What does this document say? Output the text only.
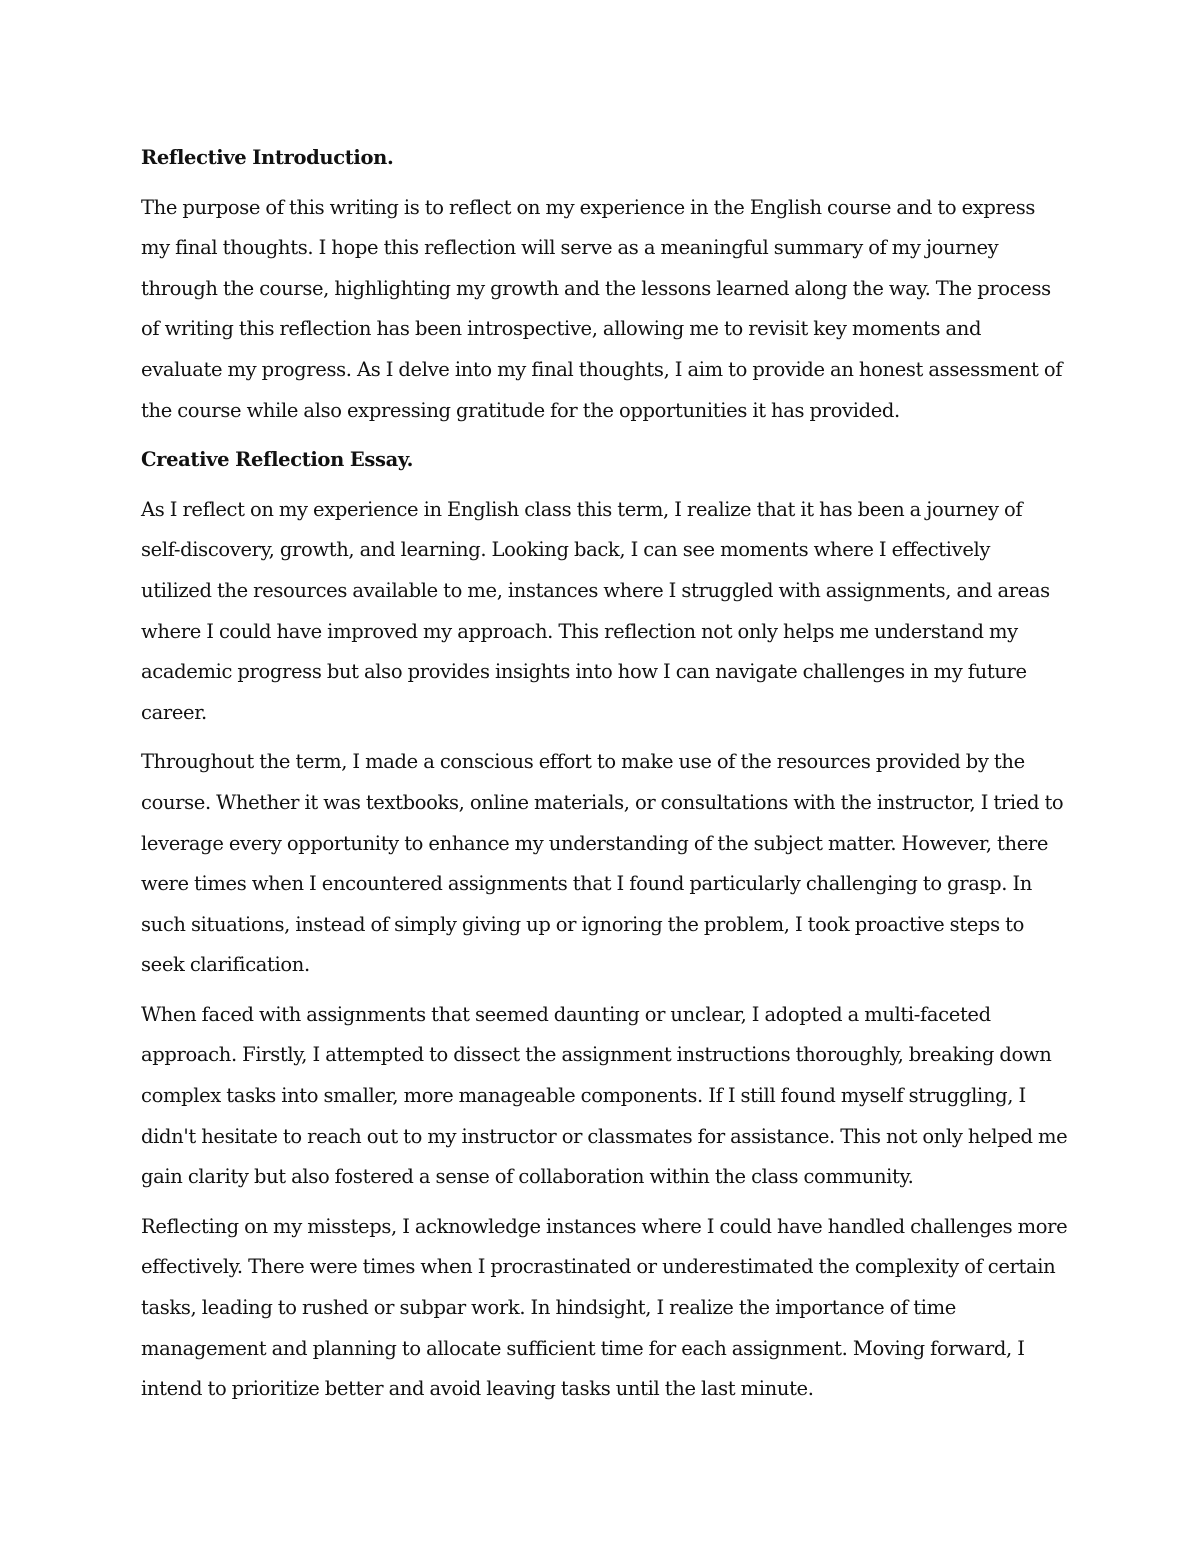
Reflective Introduction.
The purpose of this writing is to reflect on my experience in the English course and to express
my final thoughts. I hope this reflection will serve as a meaningful summary of my journey
through the course, highlighting my growth and the lessons learned along the way. The process
of writing this reflection has been introspective, allowing me to revisit key moments and
evaluate my progress. As I delve into my final thoughts, I aim to provide an honest assessment of
the course while also expressing gratitude for the opportunities it has provided.
Creative Reflection Essay.
As I reflect on my experience in English class this term, I realize that it has been a journey of
self-discovery, growth, and learning. Looking back, I can see moments where I effectively
utilized the resources available to me, instances where I struggled with assignments, and areas
where I could have improved my approach. This reflection not only helps me understand my
academic progress but also provides insights into how I can navigate challenges in my future
career.
Throughout the term, I made a conscious effort to make use of the resources provided by the
course. Whether it was textbooks, online materials, or consultations with the instructor, I tried to
leverage every opportunity to enhance my understanding of the subject matter. However, there
were times when I encountered assignments that I found particularly challenging to grasp. In
such situations, instead of simply giving up or ignoring the problem, I took proactive steps to
seek clarification.
When faced with assignments that seemed daunting or unclear, I adopted a multi-faceted
approach. Firstly, I attempted to dissect the assignment instructions thoroughly, breaking down
complex tasks into smaller, more manageable components. If I still found myself struggling, I
didn't hesitate to reach out to my instructor or classmates for assistance. This not only helped me
gain clarity but also fostered a sense of collaboration within the class community.
Reflecting on my missteps, I acknowledge instances where I could have handled challenges more
effectively. There were times when I procrastinated or underestimated the complexity of certain
tasks, leading to rushed or subpar work. In hindsight, I realize the importance of time
management and planning to allocate sufficient time for each assignment. Moving forward, I
intend to prioritize better and avoid leaving tasks until the last minute.
